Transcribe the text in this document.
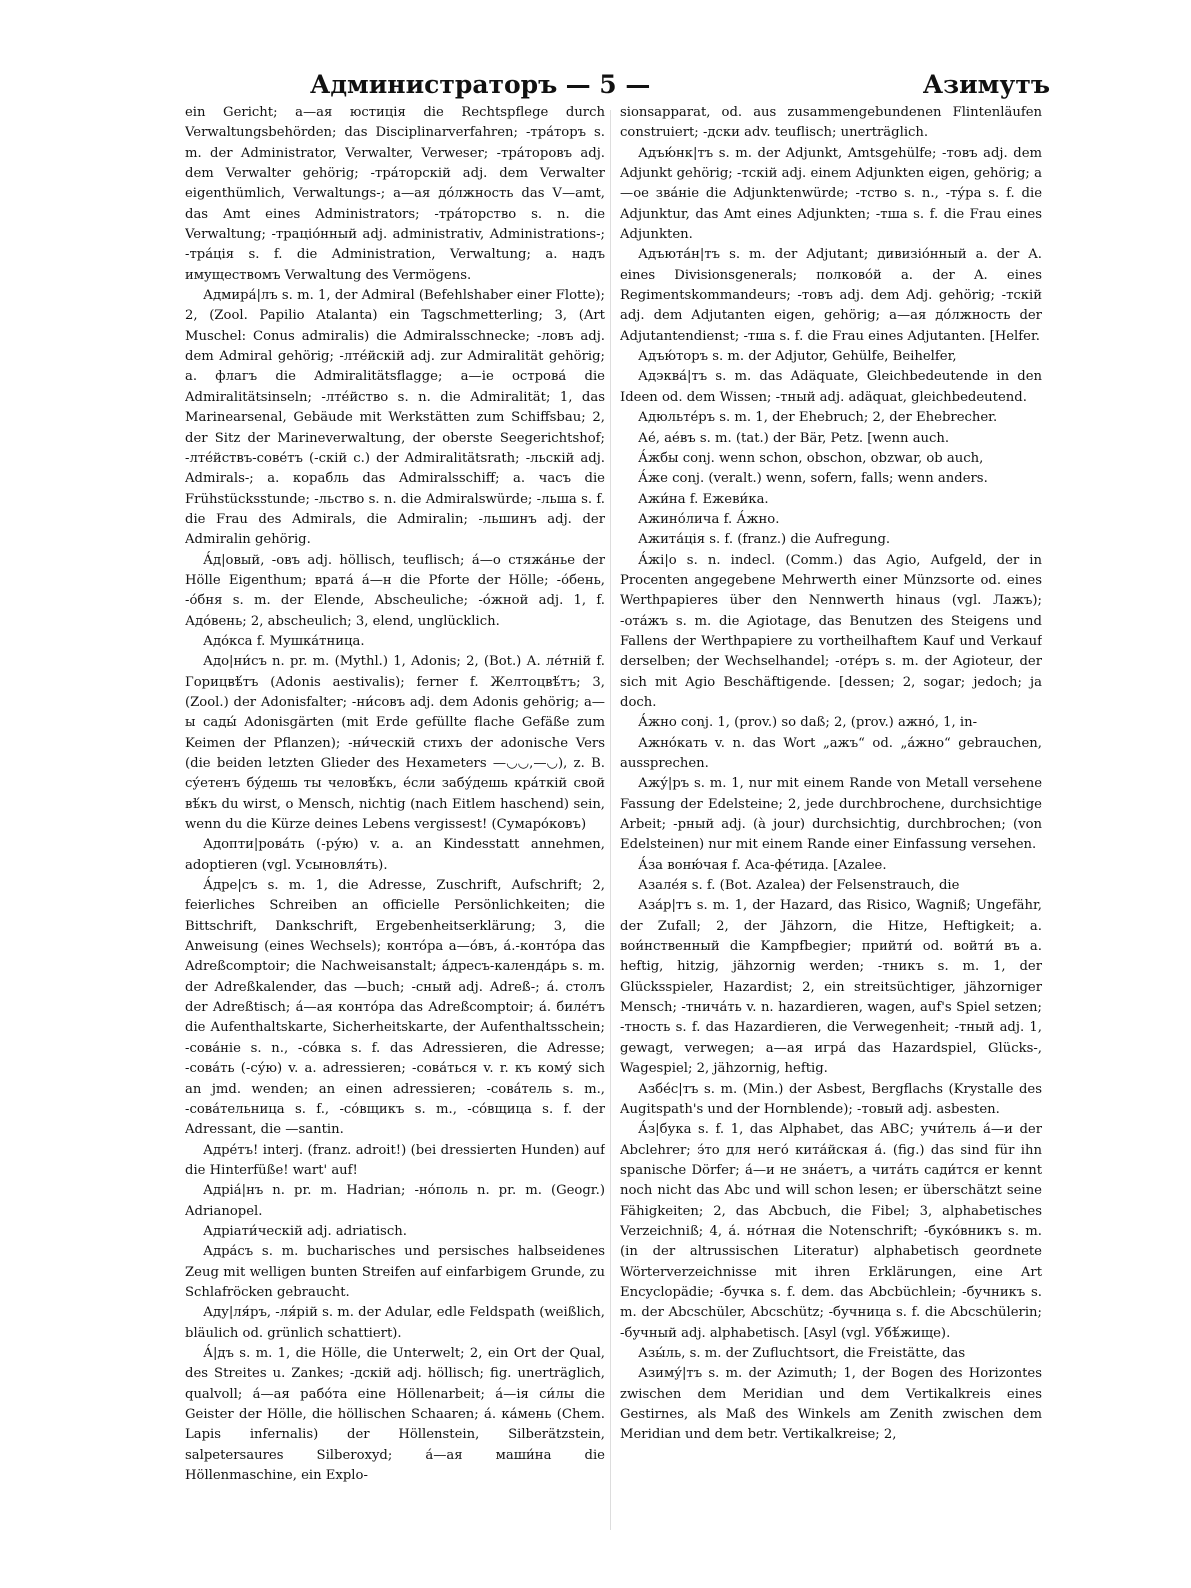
Администраторъ — 5 —	Азимутъ

ein Gericht; а—ая юстиція die Rechtspflege durch Verwaltungsbehörden; das Disciplinarverfahren; -тра́торъ s. m. der Administrator, Verwalter, Verweser; -тра́торовъ adj. dem Verwalter gehörig; -тра́торскій adj. dem Verwalter eigenthümlich, Verwaltungs-; а—ая до́лжность das V—amt, das Amt eines Administrators; -тра́торство s. n. die Verwaltung; -траціо́нный adj. administrativ, Administrations-; -тра́ція s. f. die Administration, Verwaltung; a. надъ имуществомъ Verwaltung des Vermögens.

Адмира́|лъ s. m. 1, der Admiral (Befehlshaber einer Flotte); 2, (Zool. Papilio Atalanta) ein Tagschmetterling; 3, (Art Muschel: Conus admiralis) die Admiralsschnecke; -ловъ adj. dem Admiral gehörig; -лте́йскій adj. zur Admiralität gehörig; a. флагъ die Admiralitätsflagge; а—іе острова́ die Admiralitätsinseln; -лте́йство s. n. die Admiralität; 1, das Marinearsenal, Gebäude mit Werkstätten zum Schiffsbau; 2, der Sitz der Marineverwaltung, der oberste Seegerichtshof; -лте́йствъ-сове́тъ (-скій с.) der Admiralitätsrath; -льскій adj. Admirals-; а. корабль das Admiralsschiff; а. часъ die Frühstücksstunde; -льство s. n. die Admiralswürde; -льша s. f. die Frau des Admirals, die Admiralin; -льшинъ adj. der Admiralin gehörig.

А́д|овый, -овъ adj. höllisch, teuflisch; а́—о стяжа́нье der Hölle Eigenthum; врата́ а́—н die Pforte der Hölle; -о́бень, -о́бня s. m. der Elende, Abscheuliche; -о́жной adj. 1, f. Адо́вень; 2, abscheulich; 3, elend, unglücklich.

Адо́кса f. Мушка́тница.

Адо|ни́съ n. pr. m. (Mythl.) 1, Adonis; 2, (Bot.) А. ле́тній f. Горицвѣ́тъ (Adonis aestivalis); ferner f. Желтоцвѣ́тъ; 3, (Zool.) der Adonisfalter; -ни́совъ adj. dem Adonis gehörig; а—ы сады́ Adonisgärten (mit Erde gefüllte flache Gefäße zum Keimen der Pflanzen); -ни́ческій стихъ der adonische Vers (die beiden letzten Glieder des Hexameters —◡◡,—◡), z. B. су́етенъ бу́дешь ты человѣ́къ, е́сли забу́дешь кра́ткій свой вѣ́къ du wirst, o Mensch, nichtig (nach Eitlem haschend) sein, wenn du die Kürze deines Lebens vergissest! (Сумаро́ковъ)

Адопти|рова́ть (-ру́ю) v. a. an Kindesstatt annehmen, adoptieren (vgl. Усыновля́ть).

А́дре|съ s. m. 1, die Adresse, Zuschrift, Aufschrift; 2, feierliches Schreiben an officielle Persönlichkeiten; die Bittschrift, Dankschrift, Ergebenheitserklärung; 3, die Anweisung (eines Wechsels); конто́ра а—о́въ, а́.-конто́ра das Adreßcomptoir; die Nachweisanstalt; а́дресъ-календа́рь s. m. der Adreßkalender, das —buch; -сный adj. Adreß-; а́. столъ der Adreßtisch; а́—ая конто́ра das Adreßcomptoir; а́. биле́тъ die Aufenthaltskarte, Sicherheitskarte, der Aufenthaltsschein; -сова́ніе s. n., -со́вка s. f. das Adressieren, die Adresse; -сова́ть (-су́ю) v. a. adressieren; -сова́тьcя v. r. къ кому́ sich an jmd. wenden; an einen adressieren; -сова́тель s. m., -сова́тельница s. f., -со́вщикъ s. m., -со́вщица s. f. der Adressant, die —santin.

Адре́тъ! interj. (franz. adroit!) (bei dressierten Hunden) auf die Hinterfüße! wart' auf!

Адріа́|нъ n. pr. m. Hadrian; -но́поль n. pr. m. (Geogr.) Adrianopel.

Адріати́ческій adj. adriatisch.

Адра́съ s. m. bucharisches und persisches halbseidenes Zeug mit welligen bunten Streifen auf einfarbigem Grunde, zu Schlafröcken gebraucht.

Аду|ля́ръ, -ля́рій s. m. der Adular, edle Feldspath (weißlich, bläulich od. grünlich schattiert).

А́|дъ s. m. 1, die Hölle, die Unterwelt; 2, ein Ort der Qual, des Streites u. Zankes; -дскій adj. höllisch; fig. unerträglich, qualvoll; а́—ая рабо́та eine Höllenarbeit; а́—ія си́лы die Geister der Hölle, die höllischen Schaaren; а́. ка́мень (Chem. Lapis infernalis) der Höllenstein, Silberätzstein, salpetersaures Silberoxyd; а́—ая маши́на die Höllenmaschine, ein Explo-

sionsapparat, od. aus zusammengebundenen Flintenläufen construiert; -дски adv. teuflisch; unerträglich.

Адъю́нк|тъ s. m. der Adjunkt, Amtsgehülfe; -товъ adj. dem Adjunkt gehörig; -тскій adj. einem Adjunkten eigen, gehörig; а—ое зва́ніе die Adjunktenwürde; -тство s. n., -ту́ра s. f. die Adjunktur, das Amt eines Adjunkten; -тша s. f. die Frau eines Adjunkten.

Адъюта́н|тъ s. m. der Adjutant; дивизіо́нный а. der A. eines Divisionsgenerals; полково́й а. der A. eines Regimentskommandeurs; -товъ adj. dem Adj. gehörig; -тскій adj. dem Adjutanten eigen, gehörig; а—ая до́лжность der Adjutantendienst; -тша s. f. die Frau eines Adjutanten. [Helfer.

Адъю́торъ s. m. der Adjutor, Gehülfe, Beihelfer,

Адэква́|тъ s. m. das Adäquate, Gleichbedeutende in den Ideen od. dem Wissen; -тный adj. adäquat, gleichbedeutend.

Адюльте́ръ s. m. 1, der Ehebruch; 2, der Ehebrecher.

Ае́, ае́въ s. m. (tat.) der Bär, Petz. [wenn auch.

А́жбы conj. wenn schon, obschon, obzwar, ob auch,

А́же conj. (veralt.) wenn, sofern, falls; wenn anders.

Ажи́на f. Ежеви́ка.

Ажино́лича f. А́жно.

Ажита́ція s. f. (franz.) die Aufregung.

А́жі|о s. n. indecl. (Comm.) das Agio, Aufgeld, der in Procenten angegebene Mehrwerth einer Münzsorte od. eines Werthpapieres über den Nennwerth hinaus (vgl. Лажъ); -ота́жъ s. m. die Agiotage, das Benutzen des Steigens und Fallens der Werthpapiere zu vortheilhaftem Kauf und Verkauf derselben; der Wechselhandel; -оте́ръ s. m. der Agioteur, der sich mit Agio Beschäftigende. [dessen; 2, sogar; jedoch; ja doch.

А́жно conj. 1, (prov.) so daß; 2, (prov.) ажно́, 1, in-

Ажно́кать v. n. das Wort „ажъ“ od. „а́жно“ gebrauchen, aussprechen.

Ажу́|ръ s. m. 1, nur mit einem Rande von Metall versehene Fassung der Edelsteine; 2, jede durchbrochene, durchsichtige Arbeit; -рный adj. (à jour) durchsichtig, durchbrochen; (von Edelsteinen) nur mit einem Rande einer Einfassung versehen.

А́за воню́чая f. Аса-фе́тида. [Azalee.

Азале́я s. f. (Bot. Azalea) der Felsenstrauch, die

Аза́р|тъ s. m. 1, der Hazard, das Risico, Wagniß; Ungefähr, der Zufall; 2, der Jähzorn, die Hitze, Heftigkeit; а. вои́нственный die Kampfbegier; прийти́ od. войти́ въ а. heftig, hitzig, jähzornig werden; -тникъ s. m. 1, der Glücksspieler, Hazardist; 2, ein streitsüchtiger, jähzorniger Mensch; -тнича́ть v. n. hazardieren, wagen, auf's Spiel setzen; -тность s. f. das Hazardieren, die Verwegenheit; -тный adj. 1, gewagt, verwegen; а—ая игра́ das Hazardspiel, Glücks-, Wagespiel; 2, jähzornig, heftig.

Азбе́с|тъ s. m. (Min.) der Asbest, Bergflachs (Krystalle des Augitspath's und der Hornblende); -товый adj. asbesten.

А́з|бука s. f. 1, das Alphabet, das ABC; учи́тель а́—и der Abclehrer; э́то для него́ кита́йская а́. (fig.) das sind für ihn spanische Dörfer; а́—и не зна́етъ, а чита́ть сади́тся er kennt noch nicht das Abc und will schon lesen; er überschätzt seine Fähigkeiten; 2, das Abcbuch, die Fibel; 3, alphabetisches Verzeichniß; 4, а́. но́тная die Notenschrift; -буко́вникъ s. m. (in der altrussischen Literatur) alphabetisch geordnete Wörterverzeichnisse mit ihren Erklärungen, eine Art Encyclopädie; -бучка s. f. dem. das Abcbüchlein; -бучникъ s. m. der Abcschüler, Abcschütz; -бучница s. f. die Abcschülerin; -бучный adj. alphabetisch. [Asyl (vgl. Убѣ́жище).

Азы́ль, s. m. der Zufluchtsort, die Freistätte, das

Азиму́|тъ s. m. der Azimuth; 1, der Bogen des Horizontes zwischen dem Meridian und dem Vertikalkreis eines Gestirnes, als Maß des Winkels am Zenith zwischen dem Meridian und dem betr. Vertikalkreise; 2,
